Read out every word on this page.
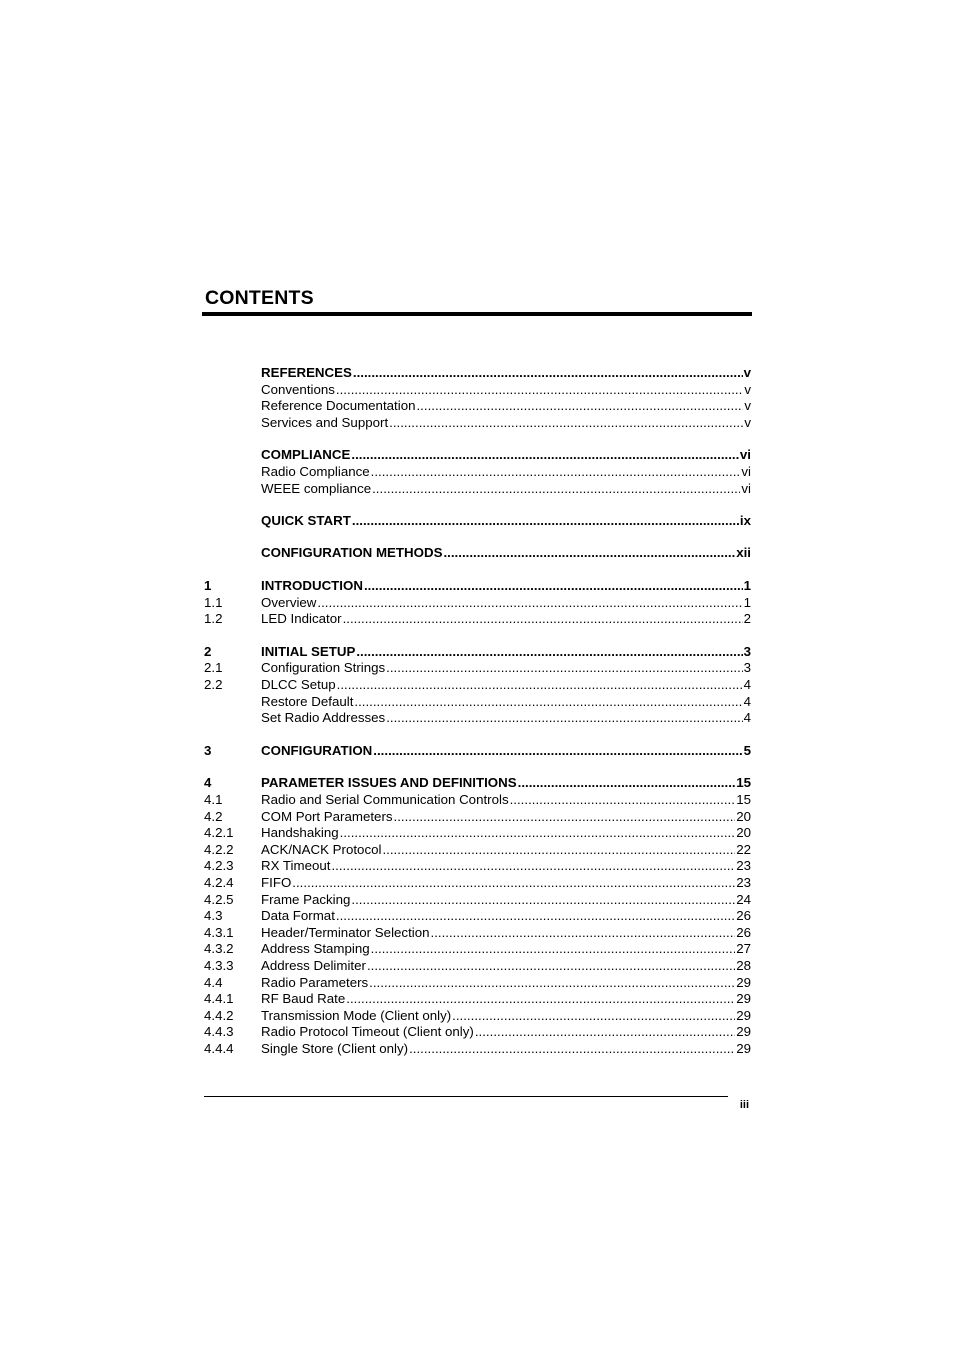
CONTENTS
REFERENCES .....	v
Conventions .....	v
Reference Documentation .....	v
Services and Support .....	v
COMPLIANCE .....	vi
Radio Compliance .....	vi
WEEE compliance .....	vi
QUICK START .....	ix
CONFIGURATION METHODS .....	xii
1	INTRODUCTION .....	1
1.1	Overview .....	1
1.2	LED Indicator .....	2
2	INITIAL SETUP .....	3
2.1	Configuration Strings .....	3
2.2	DLCC Setup .....	4
Restore Default .....	4
Set Radio Addresses .....	4
3	CONFIGURATION .....	5
4	PARAMETER ISSUES AND DEFINITIONS .....	15
4.1	Radio and Serial Communication Controls .....	15
4.2	COM Port Parameters .....	20
4.2.1 Handshaking .....	20
4.2.2 ACK/NACK Protocol .....	22
4.2.3 RX Timeout .....	23
4.2.4 FIFO .....	23
4.2.5 Frame Packing .....	24
4.3	Data Format .....	26
4.3.1 Header/Terminator Selection .....	26
4.3.2 Address Stamping .....	27
4.3.3 Address Delimiter .....	28
4.4	Radio Parameters .....	29
4.4.1 RF Baud Rate .....	29
4.4.2 Transmission Mode (Client only) .....	29
4.4.3 Radio Protocol Timeout (Client only) .....	29
4.4.4 Single Store (Client only) .....	29
iii
